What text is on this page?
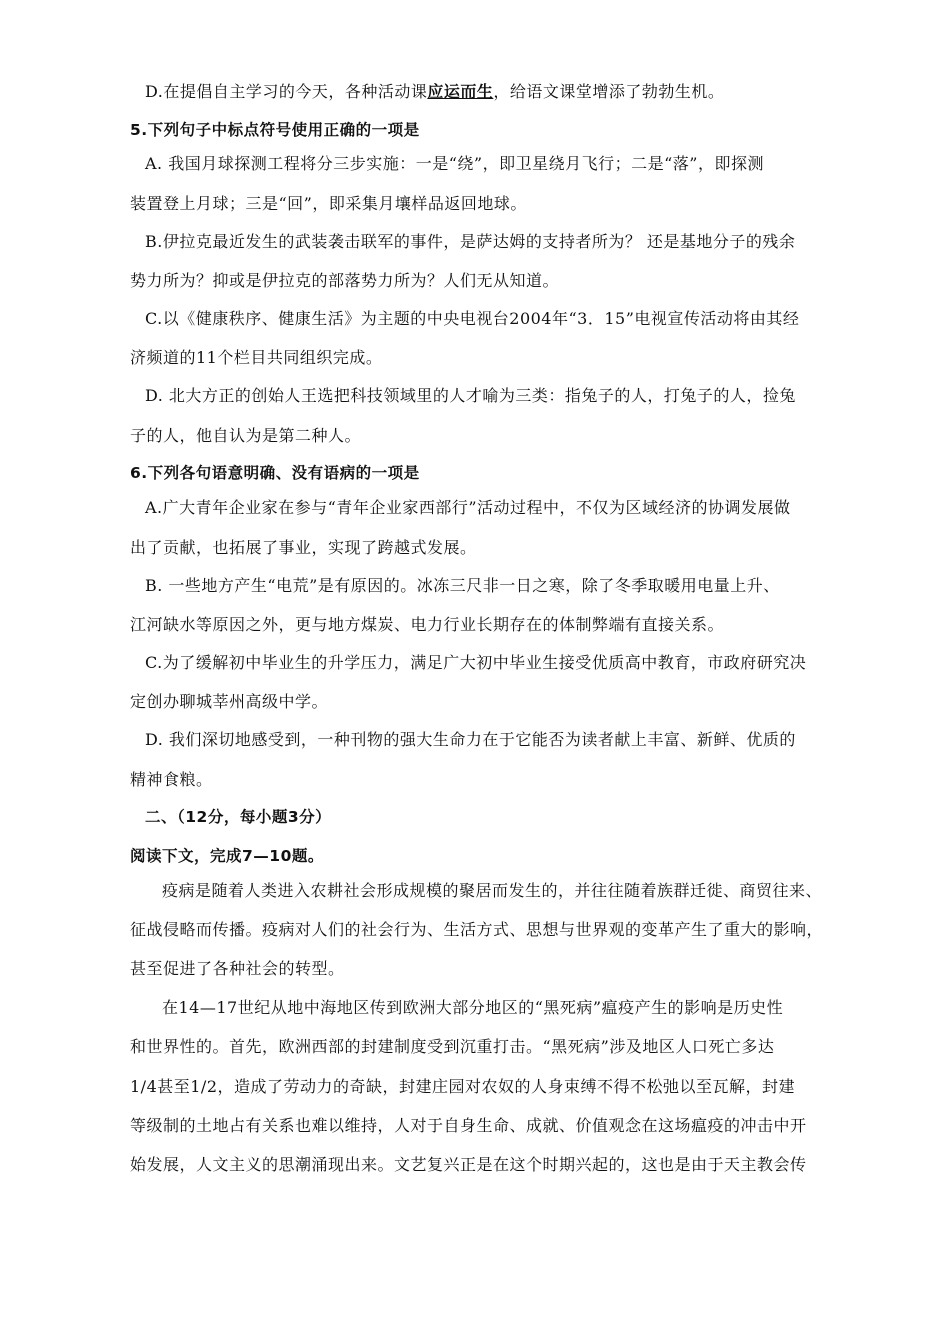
D.在提倡自主学习的今天，各种活动课应运而生，给语文课堂增添了勃勃生机。
5.下列句子中标点符号使用正确的一项是
A. 我国月球探测工程将分三步实施：一是“绕”，即卫星绕月飞行；二是“落”，即探测
装置登上月球；三是“回”，即采集月壤样品返回地球。
B.伊拉克最近发生的武装袭击联军的事件，是萨达姆的支持者所为？ 还是基地分子的残余
势力所为？抑或是伊拉克的部落势力所为？人们无从知道。
C.以《健康秩序、健康生活》为主题的中央电视台2004年“3．15”电视宣传活动将由其经
济频道的11个栏目共同组织完成。
D. 北大方正的创始人王选把科技领域里的人才喻为三类：指兔子的人，打兔子的人，捡兔
子的人，他自认为是第二种人。
6.下列各句语意明确、没有语病的一项是
A.广大青年企业家在参与“青年企业家西部行”活动过程中，不仅为区域经济的协调发展做
出了贡献，也拓展了事业，实现了跨越式发展。
B. 一些地方产生“电荒”是有原因的。冰冻三尺非一日之寒，除了冬季取暖用电量上升、
江河缺水等原因之外，更与地方煤炭、电力行业长期存在的体制弊端有直接关系。
C.为了缓解初中毕业生的升学压力，满足广大初中毕业生接受优质高中教育，市政府研究决
定创办聊城莘州高级中学。
D. 我们深切地感受到，一种刊物的强大生命力在于它能否为读者献上丰富、新鲜、优质的
精神食粮。
二、（12分，每小题3分）
阅读下文，完成7—10题。
疫病是随着人类进入农耕社会形成规模的聚居而发生的，并往往随着族群迁徙、商贸往来、
征战侵略而传播。疫病对人们的社会行为、生活方式、思想与世界观的变革产生了重大的影响，
甚至促进了各种社会的转型。
在14—17世纪从地中海地区传到欧洲大部分地区的“黑死病”瘟疫产生的影响是历史性
和世界性的。首先，欧洲西部的封建制度受到沉重打击。“黑死病”涉及地区人口死亡多达
1/4甚至1/2，造成了劳动力的奇缺，封建庄园对农奴的人身束缚不得不松弛以至瓦解，封建
等级制的土地占有关系也难以维持，人对于自身生命、成就、价值观念在这场瘟疫的冲击中开
始发展，人文主义的思潮涌现出来。文艺复兴正是在这个时期兴起的，这也是由于天主教会传
